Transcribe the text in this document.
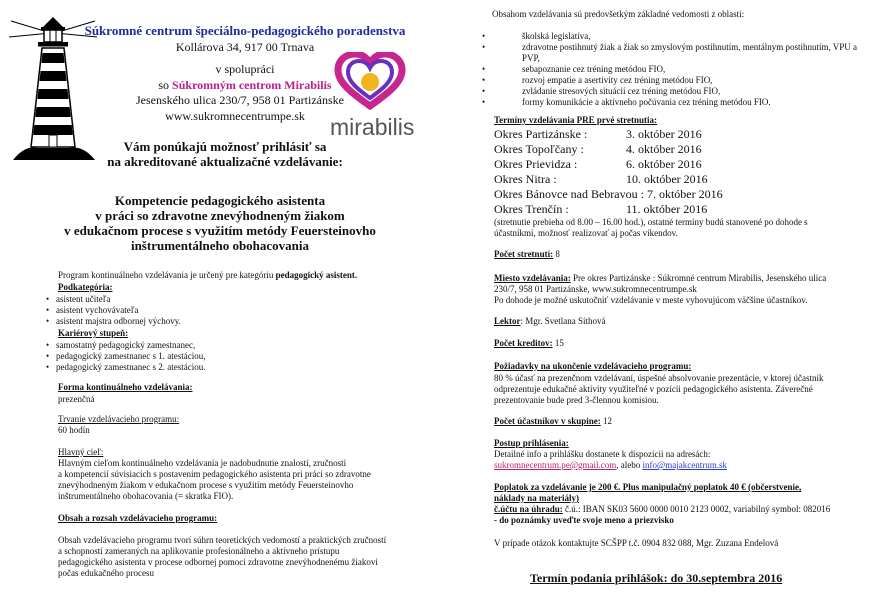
Súkromné centrum špeciálno-pedagogického poradenstva
Kollárova 34, 917 00 Trnava
v spolupráci
so Súkromným centrom Mirabilis
Jesenského ulica 230/7, 958 01 Partizánske
www.sukromnecentrumpe.sk	mirabilis
Vám ponúkajú možnosť prihlásiť sa
na akreditované aktualizačné vzdelávanie:
Kompetencie pedagogického asistenta
v práci so zdravotne znevýhodneným žiakom
v edukačnom procese s využitím metódy Feuersteinovho
inštrumentálneho obohacovania
Program kontinuálneho vzdelávania je určený pre kategóriu pedagogický asistent.
Podkategória:
• asistent učiteľa
• asistent vychovávateľa
• asistent majstra odbornej výchovy.
Kariérový stupeň:
• samostatný pedagogický zamestnanec,
• pedagogický zamestnanec s 1. atestáciou,
• pedagogický zamestnanec s 2. atestáciou.
Forma kontinuálneho vzdelávania:
prezenčná
Trvanie vzdelávacieho programu:
60 hodín
Hlavný cieľ:
Hlavným cieľom kontinuálneho vzdelávania je nadobudnutie znalostí, zručností
a kompetencií súvisiacich s postavením pedagogického asistenta pri práci so zdravotne
znevýhodneným žiakom v edukačnom procese s využitím metódy Feuersteinovho
inštrumentálneho obohacovania (= skratka FIO).
Obsah a rozsah vzdelávacieho programu:
Obsah vzdelávacieho programu tvorí súhrn teoretických vedomostí a praktických zručností
a schopností zameraných na aplikovanie profesionálneho a aktívneho prístupu
pedagogického asistenta v procese odbornej pomoci zdravotne znevýhodnenému žiakovi
počas edukačného procesu
Obsahom vzdelávania sú predovšetkým základné vedomosti z oblastí:
•	školská legislatíva,
•	zdravotne postihnutý žiak a žiak so zmyslovým postihnutím, mentálnym postihnutím, VPU a PVP,
•	sebapoznanie cez tréning metódou FIO,
•	rozvoj empatie a asertivity cez tréning metódou FIO,
•	zvládanie stresových situácií cez tréning metódou FIO,
•	formy komunikácie a aktívneho počúvania cez tréning metódou FIO.
Termíny vzdelávania PRE prvé stretnutia:
Okres Partizánske :	3. október 2016
Okres Topoľčany :	4. október 2016
Okres Prievidza :	6. október 2016
Okres Nitra :	10. október 2016
Okres Bánovce nad Bebravou : 7. október 2016
Okres Trenčín :	11. október 2016
(stretnutie prebieha od 8.00 – 16.00 hod.), ostatné termíny budú stanovené po dohode s
účastníkmi, možnosť realizovať aj počas víkendov.
Počet stretnutí: 8
Miesto vzdelávania: Pre okres Partizánske : Súkromné centrum Mirabilis, Jesenského ulica
230/7, 958 01 Partizánske, www.sukromnecentrumpe.sk
Po dohode je možné uskutočniť vzdelávanie v meste vyhovujúcom väčšine účastníkov.
Lektor: Mgr. Svetlana Síthová
Počet kreditov: 15
Požiadavky na ukončenie vzdelávacieho programu:
80 % účasť na prezenčnom vzdelávaní, úspešné absolvovanie prezentácie, v ktorej účastník
odprezentuje edukačné aktivity využiteľné v pozícii pedagogického asistenta. Záverečné
prezentovanie bude pred 3-člennou komisiou.
Počet účastníkov v skupine: 12
Postup prihlásenia:
Detailné info a prihlášku dostanete k dispozícii na adresách:
sukromnecentrum.pe@gmail.com, alebo info@majakcentrum.sk
Poplatok za vzdelávanie je 200 €. Plus manipulačný poplatok 40 € (občerstvenie,
náklady na materiály)
č.účtu na úhradu: č.ú.: IBAN SK03 5600 0000 0010 2123 0002, variabilný symbol: 082016
- do poznámky uveďte svoje meno a priezvisko
V prípade otázok kontaktujte SCŠPP t.č. 0904 832 088, Mgr. Zuzana Endelová
Termín podania prihlášok: do 30.septembra 2016
